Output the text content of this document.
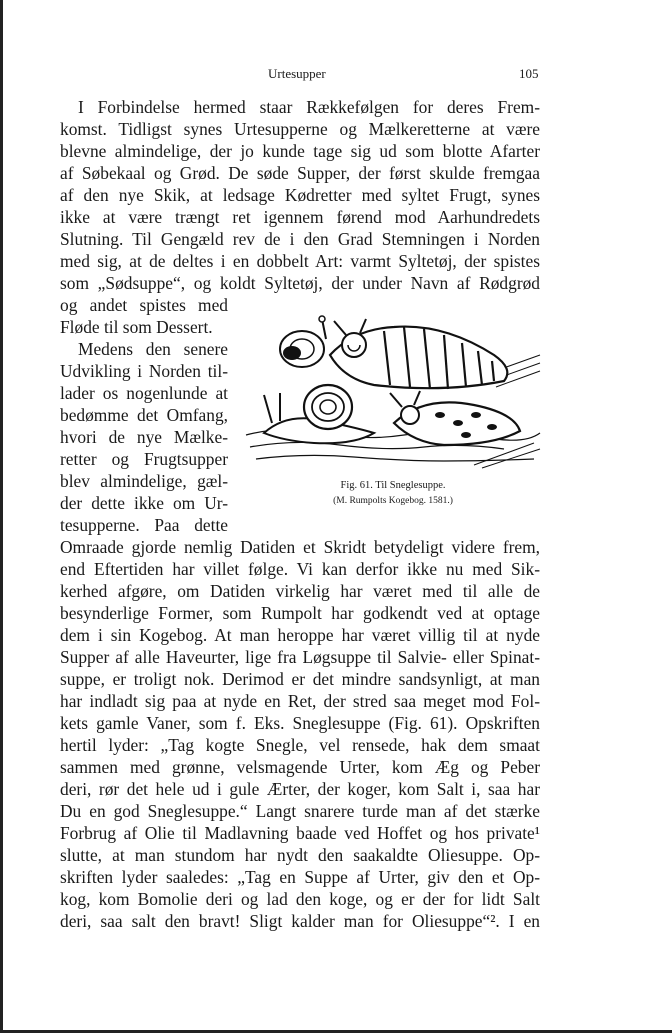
Urtesupper	105
I Forbindelse hermed staar Rækkefølgen for deres Frem-
komst. Tidligst synes Urtesupperne og Mælkeretterne at være
blevne almindelige, der jo kunde tage sig ud som blotte Afarter
af Søbekaal og Grød. De søde Supper, der først skulde fremgaa
af den nye Skik, at ledsage Kødretter med syltet Frugt, synes
ikke at være trængt ret igennem førend mod Aarhundredets
Slutning. Til Gengæld rev de i den Grad Stemningen i Norden
med sig, at de deltes i en dobbelt Art: varmt Syltetøj, der spistes
som „Sødsuppe“, og koldt Syltetøj, der under Navn af Rødgrød
og andet spistes med
Fløde til som Dessert.
Medens den senere
Udvikling i Norden til-
lader os nogenlunde at
bedømme det Omfang,
hvori de nye Mælke-
retter og Frugtsupper
blev almindelige, gæl-
der dette ikke om Ur-
tesupperne. Paa dette
Fig. 61. Til Sneglesuppe.
(M. Rumpolts Kogebog. 1581.)
Omraade gjorde nemlig Datiden et Skridt betydeligt videre frem,
end Eftertiden har villet følge. Vi kan derfor ikke nu med Sik-
kerhed afgøre, om Datiden virkelig har været med til alle de
besynderlige Former, som Rumpolt har godkendt ved at optage
dem i sin Kogebog. At man heroppe har været villig til at nyde
Supper af alle Haveurter, lige fra Løgsuppe til Salvie- eller Spinat-
suppe, er troligt nok. Derimod er det mindre sandsynligt, at man
har indladt sig paa at nyde en Ret, der stred saa meget mod Fol-
kets gamle Vaner, som f. Eks. Sneglesuppe (Fig. 61). Opskriften
hertil lyder: „Tag kogte Snegle, vel rensede, hak dem smaat
sammen med grønne, velsmagende Urter, kom Æg og Peber
deri, rør det hele ud i gule Ærter, der koger, kom Salt i, saa har
Du en god Sneglesuppe.“ Langt snarere turde man af det stærke
Forbrug af Olie til Madlavning baade ved Hoffet og hos private¹
slutte, at man stundom har nydt den saakaldte Oliesuppe. Op-
skriften lyder saaledes: „Tag en Suppe af Urter, giv den et Op-
kog, kom Bomolie deri og lad den koge, og er der for lidt Salt
deri, saa salt den bravt! Sligt kalder man for Oliesuppe“². I en
